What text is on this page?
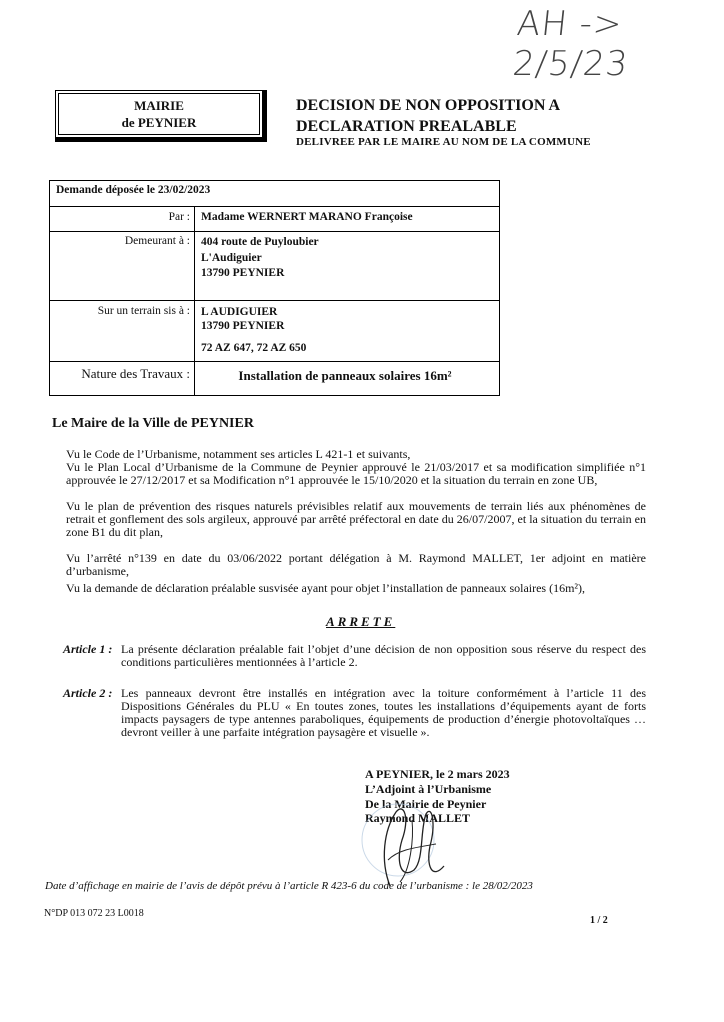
AH -> 2/5/23
MAIRIE
de PEYNIER
DECISION DE NON OPPOSITION A
DECLARATION PREALABLE
DELIVREE PAR LE MAIRE AU NOM DE LA COMMUNE
Demande déposée le 23/02/2023
Par : Madame WERNERT MARANO Françoise
Demeurant à : 404 route de Puyloubier
L'Audiguier
13790 PEYNIER
Sur un terrain sis à : L AUDIGUIER
13790 PEYNIER
72 AZ 647, 72 AZ 650
Nature des Travaux :	Installation de panneaux solaires 16m²
Le Maire de la Ville de PEYNIER
Vu le Code de l’Urbanisme, notamment ses articles L 421-1 et suivants,
Vu le Plan Local d’Urbanisme de la Commune de Peynier approuvé le 21/03/2017 et sa modification simplifiée n°1 approuvée le 27/12/2017 et sa Modification n°1 approuvée le 15/10/2020 et la situation du terrain en zone UB,
Vu le plan de prévention des risques naturels prévisibles relatif aux mouvements de terrain liés aux phénomènes de retrait et gonflement des sols argileux, approuvé par arrêté préfectoral en date du 26/07/2007, et la situation du terrain en zone B1 du dit plan,
Vu l’arrêté n°139 en date du 03/06/2022 portant délégation à M. Raymond MALLET, 1er adjoint en matière d’urbanisme,
Vu la demande de déclaration préalable susvisée ayant pour objet l’installation de panneaux solaires (16m²),
ARRETE
Article 1 : La présente déclaration préalable fait l’objet d’une décision de non opposition sous réserve du respect des conditions particulières mentionnées à l’article 2.
Article 2 : Les panneaux devront être installés en intégration avec la toiture conformément à l’article 11 des Dispositions Générales du PLU « En toutes zones, toutes les installations d’équipements ayant de forts impacts paysagers de type antennes paraboliques, équipements de production d’énergie photovoltaïques … devront veiller à une parfaite intégration paysagère et visuelle ».
A PEYNIER, le 2 mars 2023
L’Adjoint à l’Urbanisme
De la Mairie de Peynier
Raymond MALLET
Date d’affichage en mairie de l’avis de dépôt prévu à l’article R 423-6 du code de l’urbanisme : le 28/02/2023
N°DP 013 072 23 L0018
1 / 2
